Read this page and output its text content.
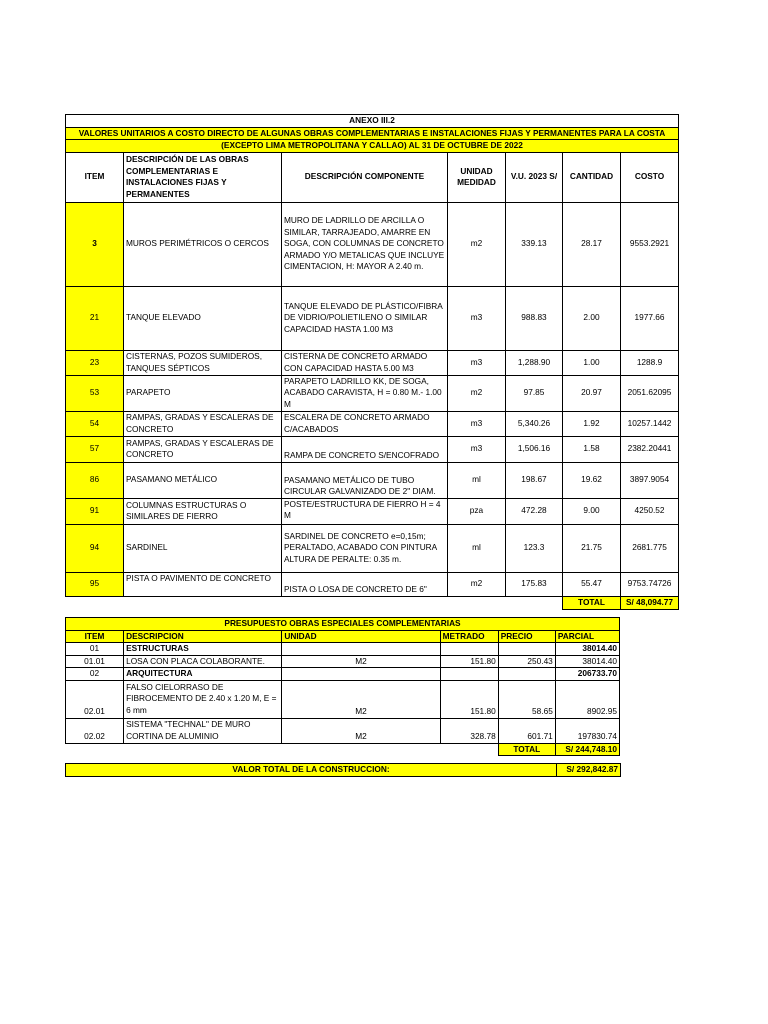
ANEXO III.2						
VALORES UNITARIOS A COSTO DIRECTO DE ALGUNAS OBRAS COMPLEMENTARIAS E INSTALACIONES FIJAS Y PERMANENTES PARA LA COSTA						
(EXCEPTO LIMA METROPOLITANA Y CALLAO) AL 31 DE OCTUBRE DE 2022						
ITEM	DESCRIPCIÓN DE LAS OBRAS COMPLEMENTARIAS E INSTALACIONES FIJAS Y PERMANENTES	DESCRIPCIÓN COMPONENTE	UNIDAD MEDIDAD	V.U. 2023 S/	CANTIDAD	COSTO
3	MUROS PERIMÉTRICOS O CERCOS	MURO DE LADRILLO DE ARCILLA O SIMILAR, TARRAJEADO, AMARRE EN SOGA, CON COLUMNAS DE CONCRETO ARMADO Y/O METALICAS QUE INCLUYE CIMENTACION, H: MAYOR A 2.40 m.	m2	339.13	28.17	9553.2921
21	TANQUE ELEVADO	TANQUE ELEVADO DE PLÁSTICO/FIBRA DE VIDRIO/POLIETILENO O SIMILAR CAPACIDAD HASTA 1.00 M3	m3	988.83	2.00	1977.66
23	CISTERNAS, POZOS SUMIDEROS, TANQUES SÉPTICOS	CISTERNA DE CONCRETO ARMADO CON CAPACIDAD HASTA 5.00 M3	m3	1,288.90	1.00	1288.9
53	PARAPETO	PARAPETO LADRILLO KK, DE SOGA, ACABADO CARAVISTA, H = 0.80 M.- 1.00 M	m2	97.85	20.97	2051.62095
54	RAMPAS, GRADAS Y ESCALERAS DE CONCRETO	ESCALERA DE CONCRETO ARMADO C/ACABADOS	m3	5,340.26	1.92	10257.1442
57	RAMPAS, GRADAS Y ESCALERAS DE CONCRETO	RAMPA DE CONCRETO S/ENCOFRADO	m3	1,506.16	1.58	2382.20441
86	PASAMANO METÁLICO	PASAMANO METÁLICO DE TUBO CIRCULAR GALVANIZADO DE 2" DIAM.	ml	198.67	19.62	3897.9054
91	COLUMNAS ESTRUCTURAS O SIMILARES DE FIERRO	POSTE/ESTRUCTURA DE FIERRO H = 4 M	pza	472.28	9.00	4250.52
94	SARDINEL	SARDINEL DE CONCRETO e=0,15m; PERALTADO, ACABADO CON PINTURA ALTURA DE PERALTE: 0.35 m.	ml	123.3	21.75	2681.775
95	PISTA O PAVIMENTO DE CONCRETO	PISTA O LOSA DE CONCRETO DE 6"	m2	175.83	55.47	9753.74726
					TOTAL	S/ 48,094.77
PRESUPUESTO OBRAS ESPECIALES COMPLEMENTARIAS					
ITEM	DESCRIPCION	UNIDAD	METRADO	PRECIO	PARCIAL
01	ESTRUCTURAS				38014.40
01.01	LOSA CON PLACA COLABORANTE.	M2	151.80	250.43	38014.40
02	ARQUITECTURA				206733.70
02.01	FALSO CIELORRASO DE FIBROCEMENTO DE 2.40 x 1.20 M, E = 6 mm	M2	151.80	58.65	8902.95
02.02	SISTEMA "TECHNAL" DE MURO CORTINA DE ALUMINIO	M2	328.78	601.71	197830.74
				TOTAL	S/ 244,748.10
VALOR TOTAL DE LA CONSTRUCCION:	S/ 292,842.87
